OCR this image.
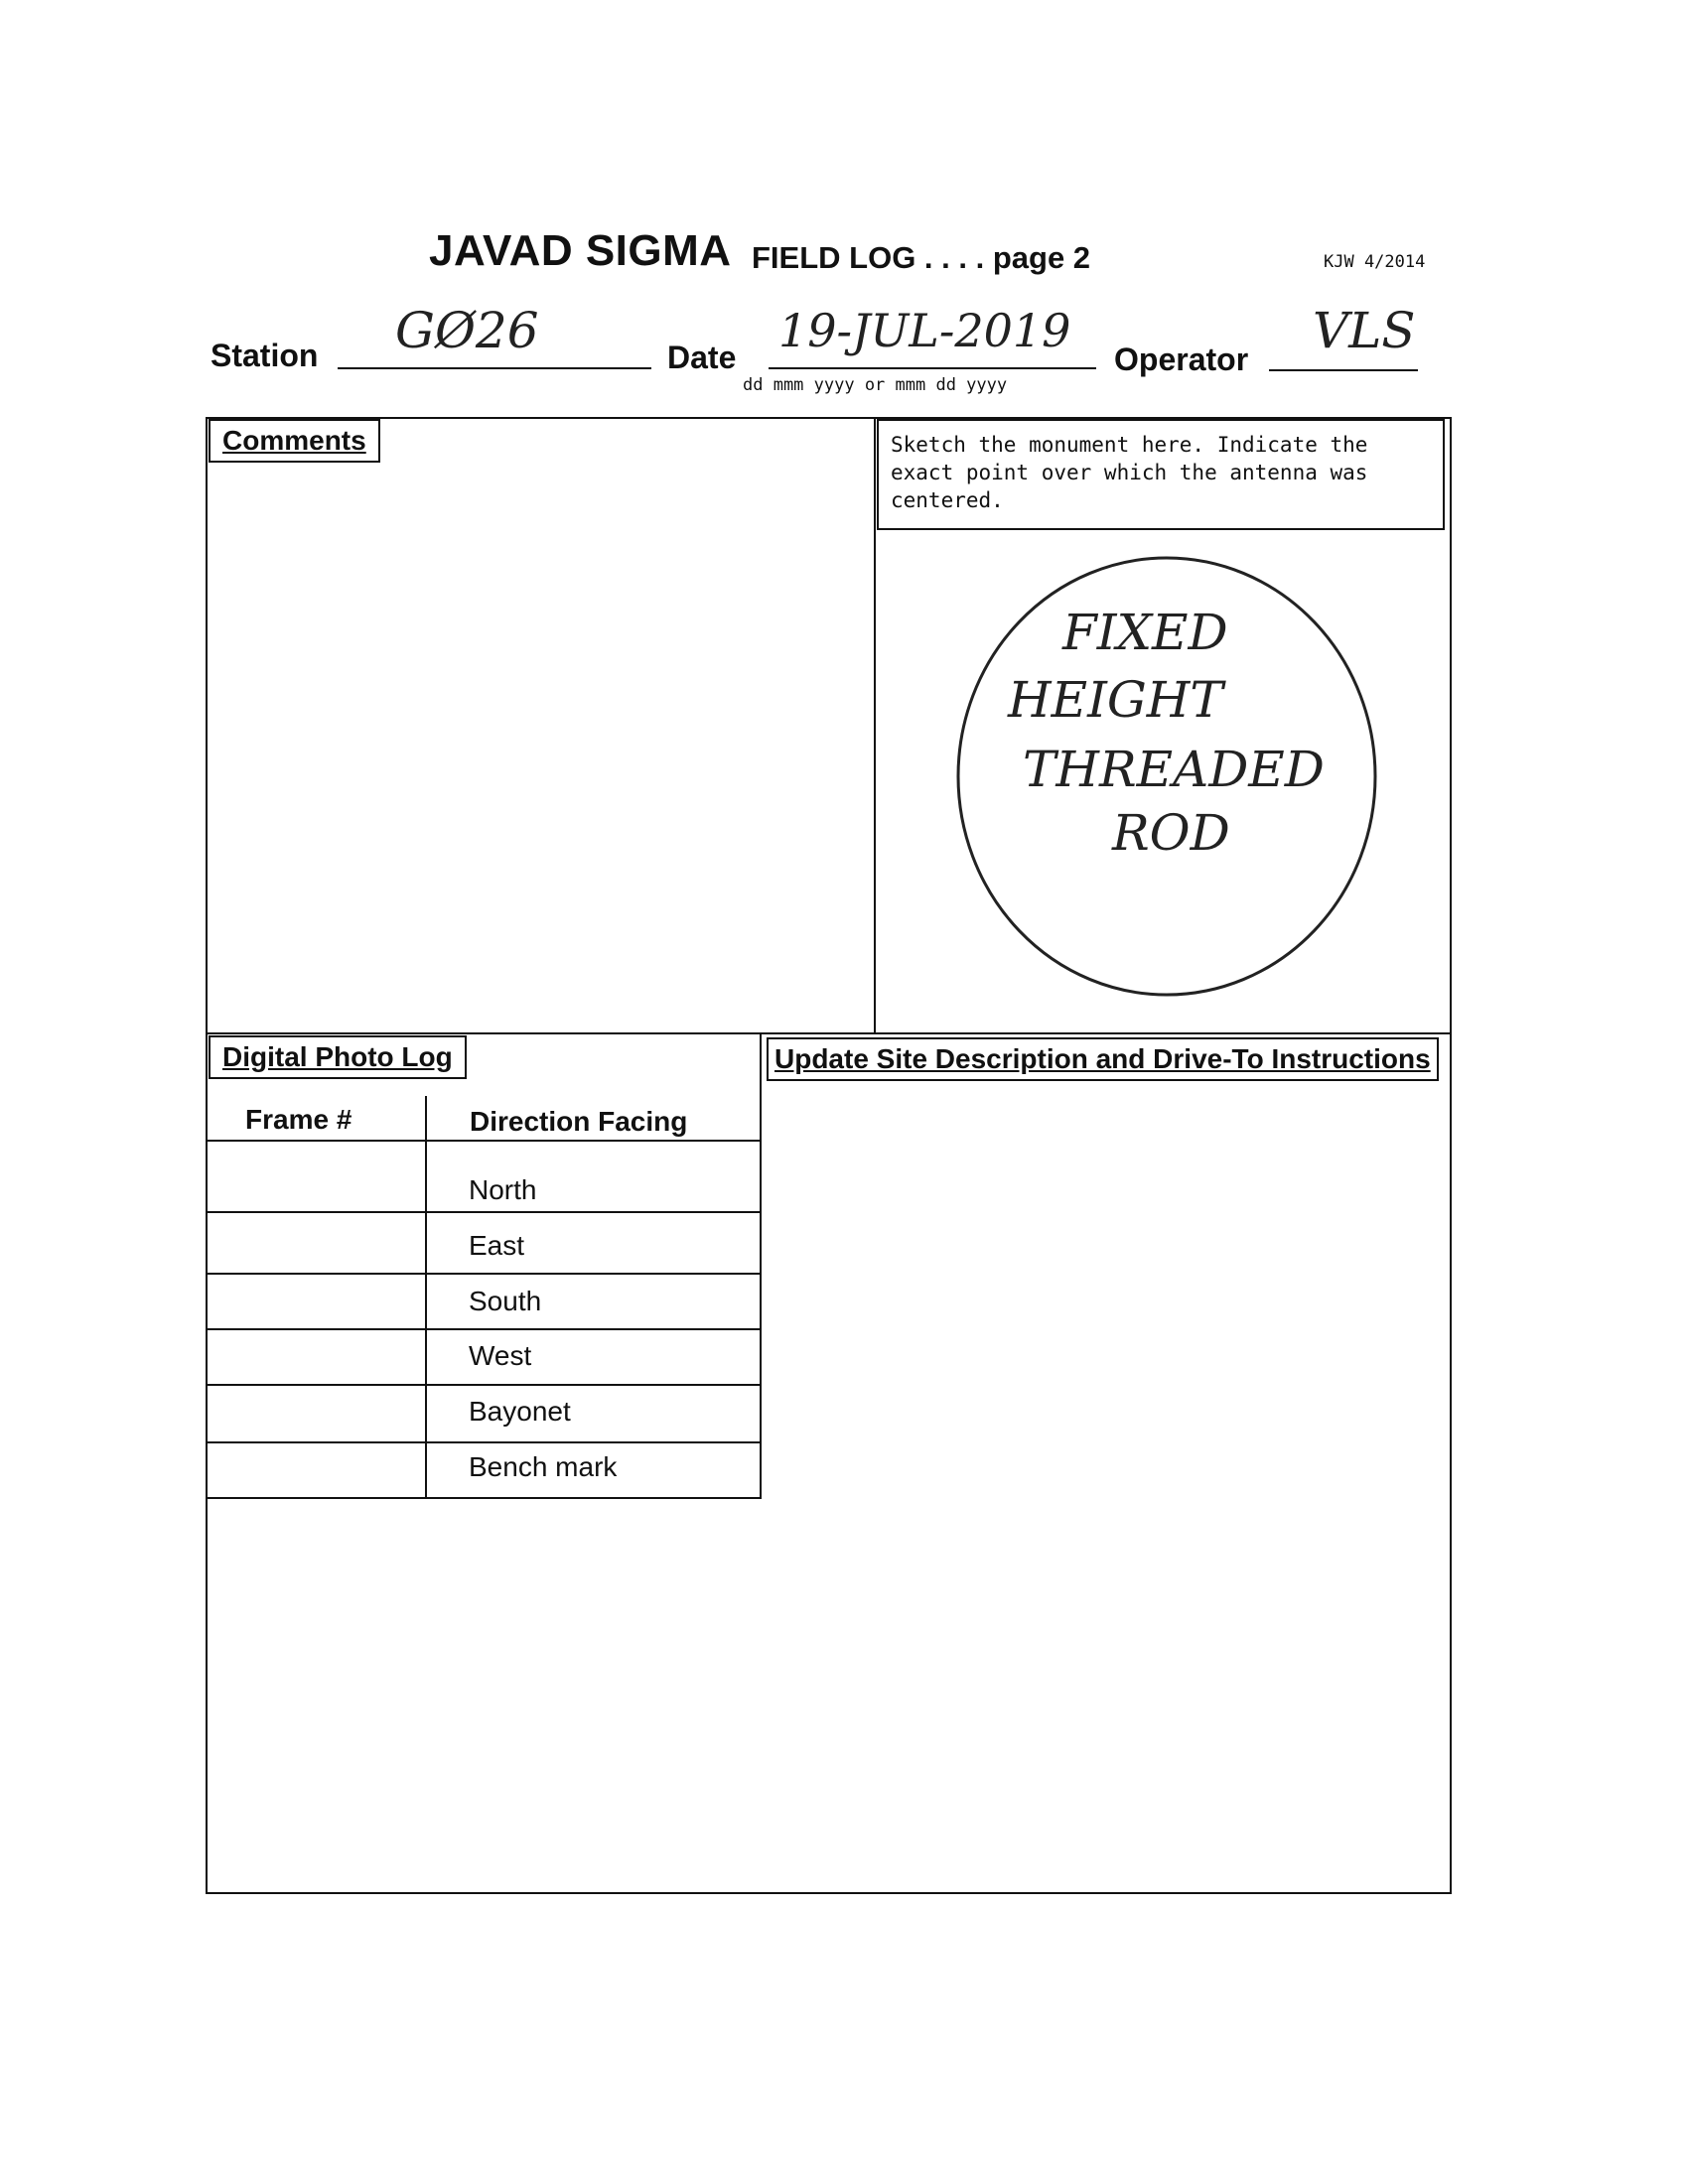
JAVAD SIGMA FIELD LOG . . . . page 2	KJW 4/2014
Station GØ26	Date 19-JUL-2019
dd mmm yyyy or mmm dd yyyy
Operator VLS
Comments	Sketch the monument here. Indicate the exact point over which the antenna was centered.
FIXED
HEIGHT
THREADED
ROD
Digital Photo Log
Frame #	Direction Facing
North
East
South
West
Bayonet
Bench mark
Update Site Description and Drive-To Instructions
